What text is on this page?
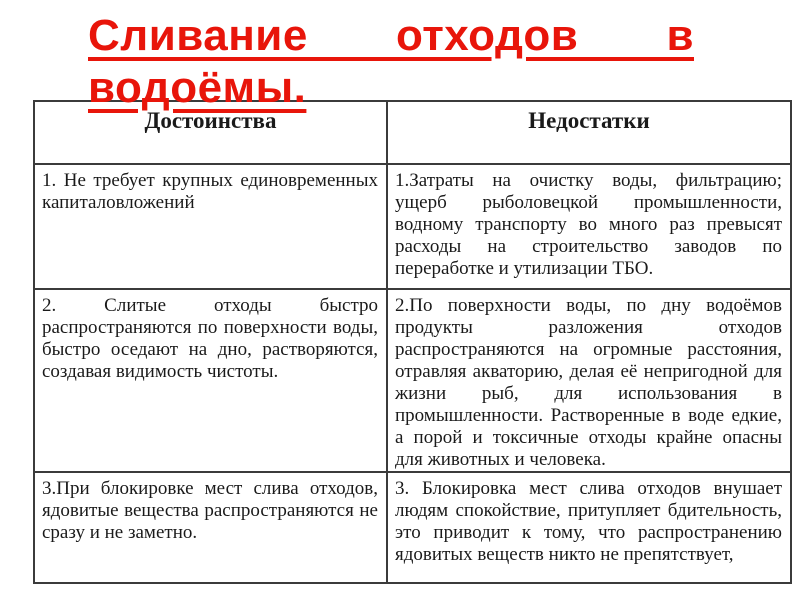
Сливание отходов в
водоёмы.
Достоинства	Недостатки
1. Не требует крупных единовременных капиталовложений	1.Затраты на очистку воды, фильтрацию; ущерб рыболовецкой промышленности, водному транспорту во много раз превысят расходы на строительство заводов по переработке и утилизации ТБО.
2. Слитые отходы быстро распространяются по поверхности воды, быстро оседают на дно, растворяются, создавая видимость чистоты.	2.По поверхности воды, по дну водоёмов продукты разложения отходов распространяются на огромные расстояния, отравляя акваторию, делая её непригодной для жизни рыб, для использования в промышленности. Растворенные в воде едкие, а порой и токсичные отходы крайне опасны для животных и человека.
3.При блокировке мест слива отходов, ядовитые вещества распространяются не сразу и не заметно.	3. Блокировка мест слива отходов внушает людям спокойствие, притупляет бдительность, это приводит к тому, что распространению ядовитых веществ никто не препятствует,
